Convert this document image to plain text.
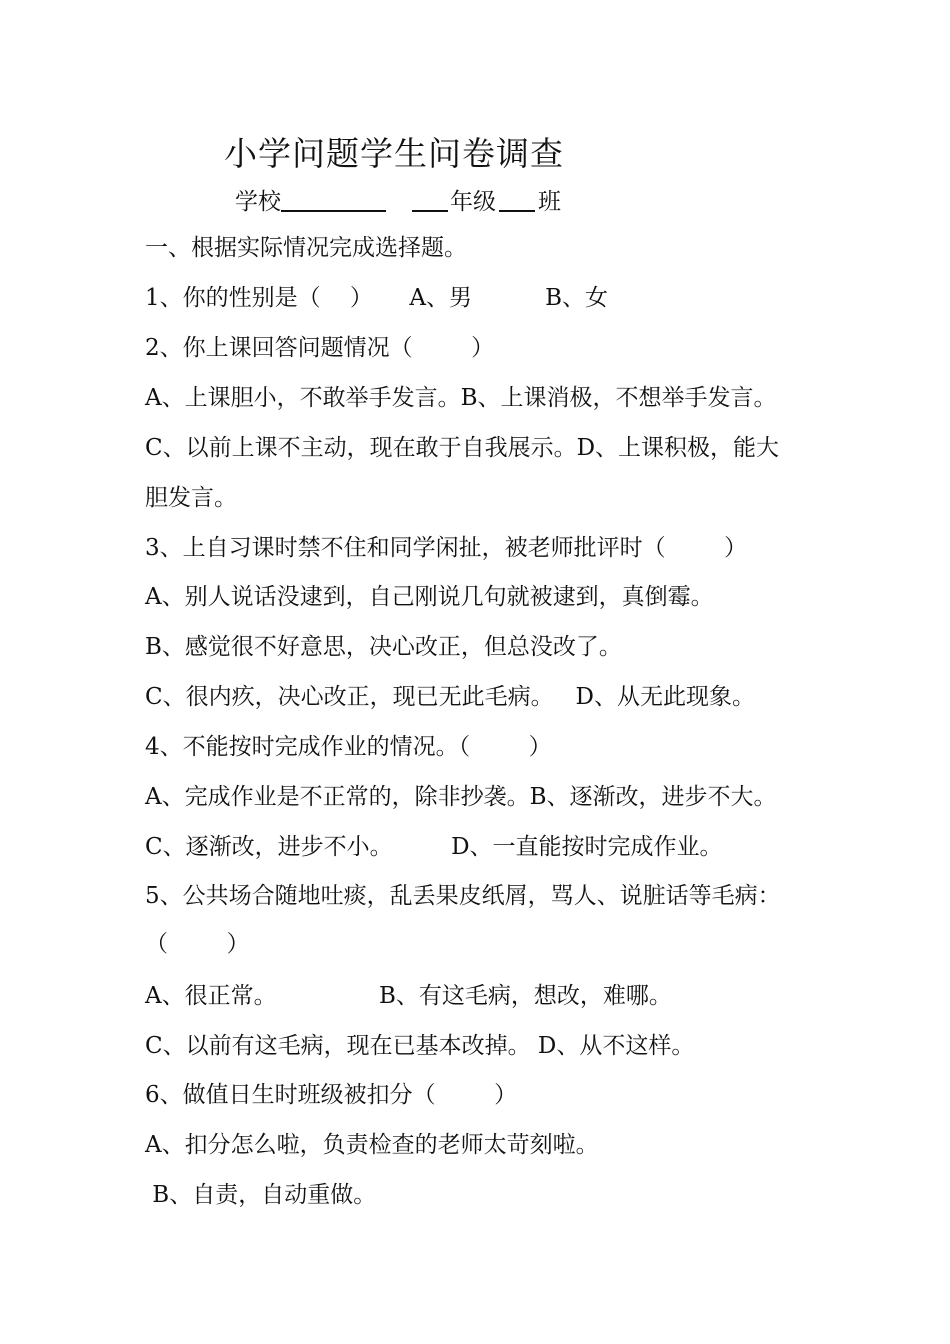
小学问题学生问卷调查
学校	年级 班
一、根据实际情况完成选择题。
1、你的性别是（    ）     A、男          B、女
2、你上课回答问题情况（        ）
A、上课胆小，不敢举手发言。B、上课消极，不想举手发言。
C、以前上课不主动，现在敢于自我展示。D、上课积极，能大
胆发言。
3、上自习课时禁不住和同学闲扯，被老师批评时（        ）
A、别人说话没逮到，自己刚说几句就被逮到，真倒霉。
B、感觉很不好意思，决心改正，但总没改了。
C、很内疚，决心改正，现已无此毛病。   D、从无此现象。
4、不能按时完成作业的情况。（        ）
A、完成作业是不正常的，除非抄袭。B、逐渐改，进步不大。
C、逐渐改，进步不小。        D、一直能按时完成作业。
5、公共场合随地吐痰，乱丢果皮纸屑，骂人、说脏话等毛病：
（        ）
A、很正常。              B、有这毛病，想改，难哪。
C、以前有这毛病，现在已基本改掉。 D、从不这样。
6、做值日生时班级被扣分（        ）
A、扣分怎么啦，负责检查的老师太苛刻啦。
B、自责，自动重做。
